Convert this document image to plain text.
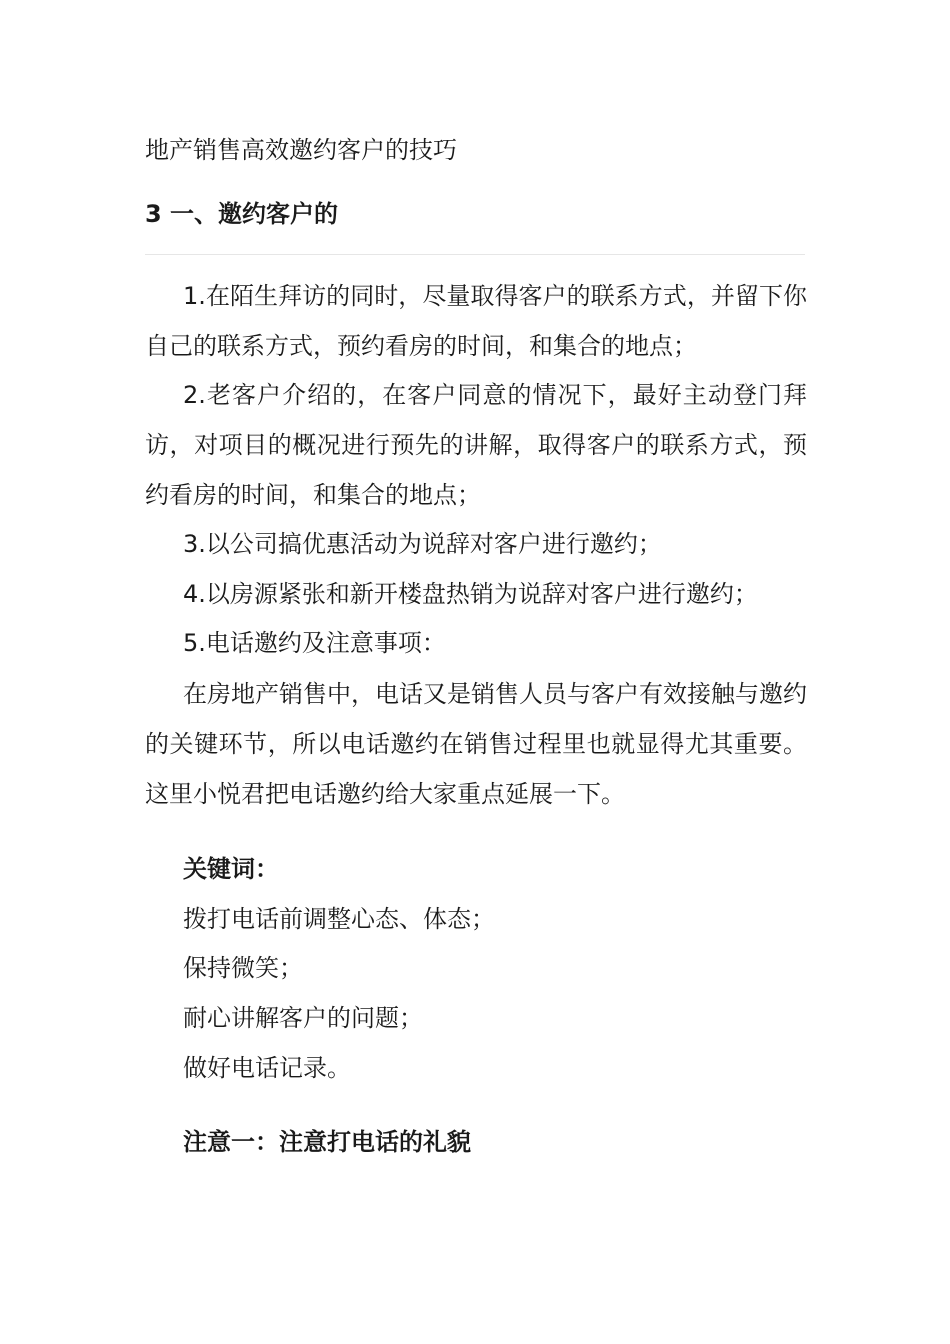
地产销售高效邀约客户的技巧
3 一、邀约客户的

1.在陌生拜访的同时，尽量取得客户的联系方式，并留下你自己的联系方式，预约看房的时间，和集合的地点；

2.老客户介绍的，在客户同意的情况下，最好主动登门拜访，对项目的概况进行预先的讲解，取得客户的联系方式，预约看房的时间，和集合的地点；

3.以公司搞优惠活动为说辞对客户进行邀约；

4.以房源紧张和新开楼盘热销为说辞对客户进行邀约；

5.电话邀约及注意事项：

在房地产销售中，电话又是销售人员与客户有效接触与邀约的关键环节，所以电话邀约在销售过程里也就显得尤其重要。这里小悦君把电话邀约给大家重点延展一下。

关键词：
拨打电话前调整心态、体态；
保持微笑；
耐心讲解客户的问题；
做好电话记录。
注意一：注意打电话的礼貌
